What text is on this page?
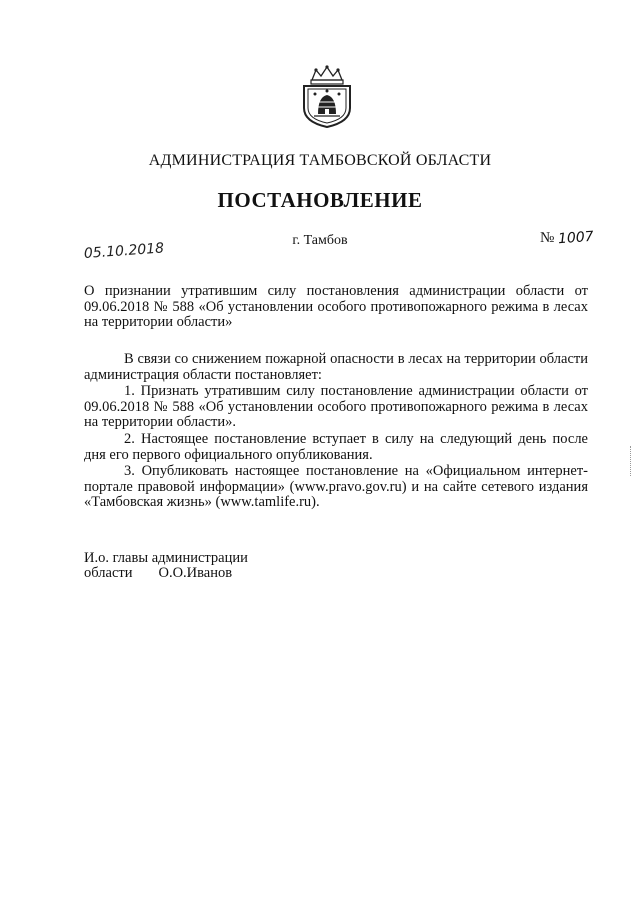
АДМИНИСТРАЦИЯ ТАМБОВСКОЙ ОБЛАСТИ
ПОСТАНОВЛЕНИЕ
г. Тамбов
05.10.2018
№ 1007
О признании утратившим силу постановления администрации области от 09.06.2018 № 588 «Об установлении особого противопожарного режима в лесах на территории области»
В связи со снижением пожарной опасности в лесах на территории области администрация области постановляет:
1. Признать утратившим силу постановление администрации области от 09.06.2018 № 588 «Об установлении особого противопожарного режима в лесах на территории области».
2. Настоящее постановление вступает в силу на следующий день после дня его первого официального опубликования.
3. Опубликовать настоящее постановление на «Официальном интернет-портале правовой информации» (www.pravo.gov.ru) и на сайте сетевого издания «Тамбовская жизнь» (www.tamlife.ru).
И.о. главы администрации
области О.О.Иванов
